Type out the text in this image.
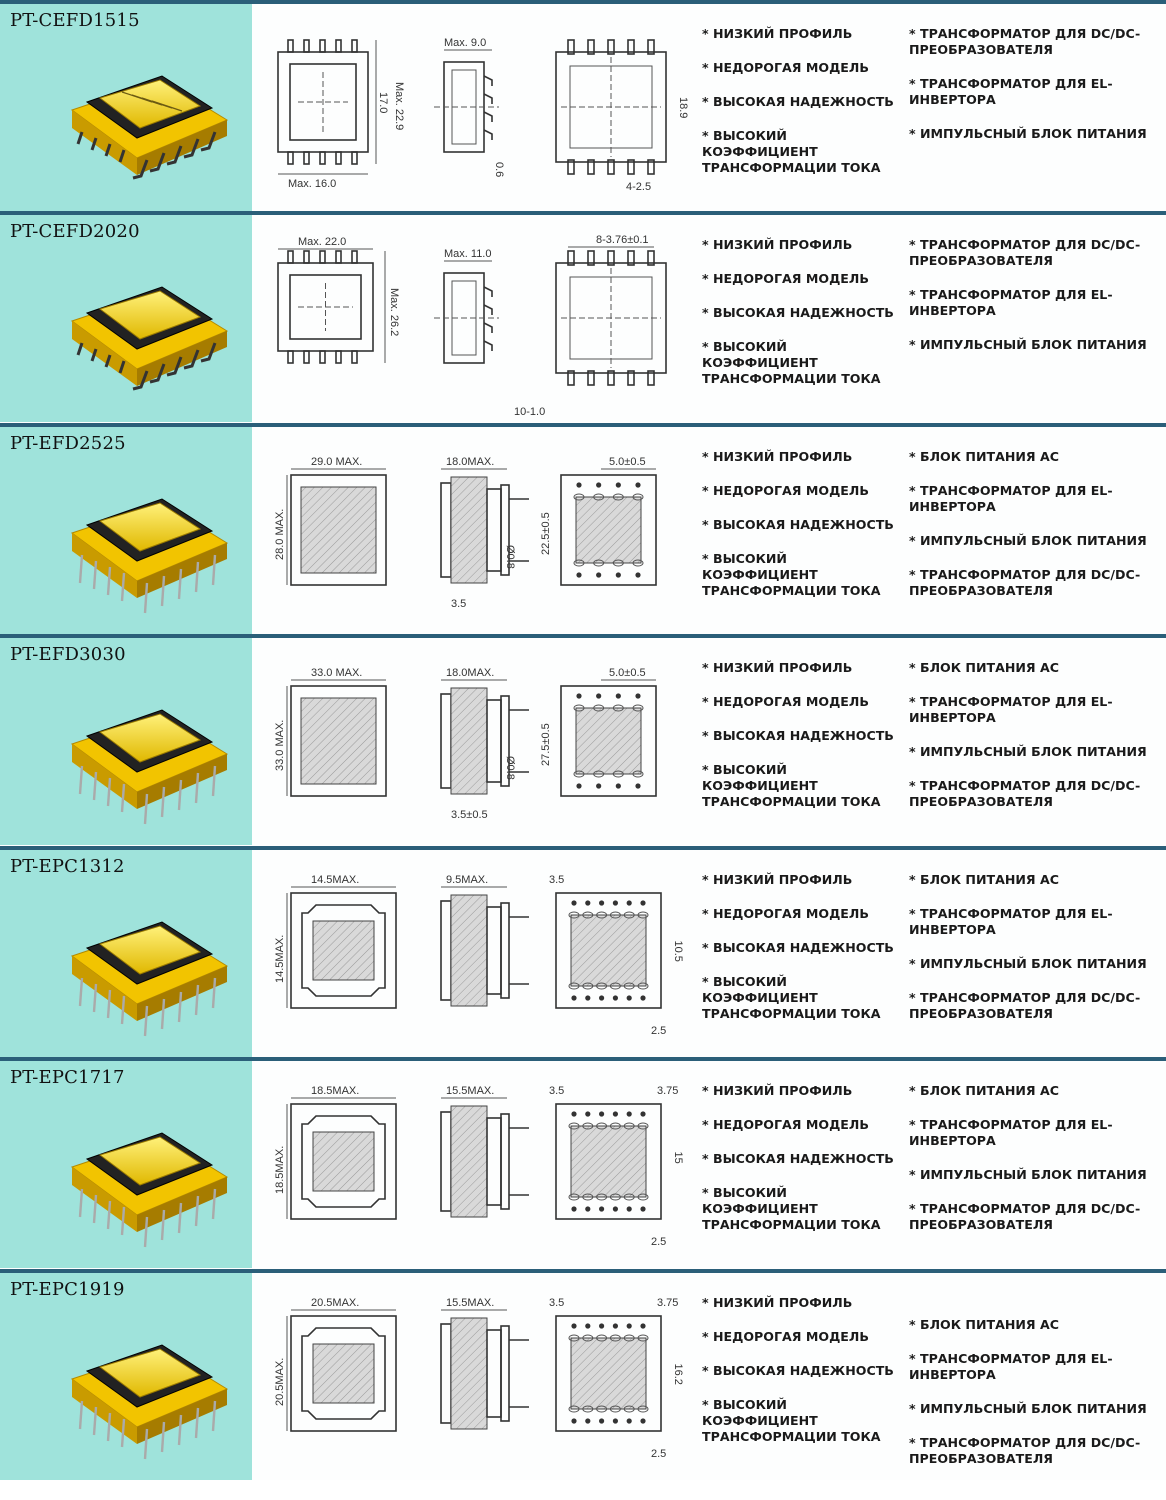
PT-CEFD1515
Max. 16.0
17.0 Max. 22.9
Max. 9.0
0.6
18.9
4-2.5
* НИЗКИЙ ПРОФИЛЬ
* НЕДОРОГАЯ МОДЕЛЬ
* ВЫСОКАЯ НАДЕЖНОСТЬ
* ВЫСОКИЙ КОЭФФИЦИЕНТ ТРАНСФОРМАЦИИ ТОКА
* ТРАНСФОРМАТОР ДЛЯ DC/DC-ПРЕОБРАЗОВАТЕЛЯ
* ТРАНСФОРМАТОР ДЛЯ EL-ИНВЕРТОРА
* ИМПУЛЬСНЫЙ БЛОК ПИТАНИЯ
PT-CEFD2020	Max. 22.0
Max. 26.2
Max. 11.0
10-1.0
8-3.76±0.1	* НИЗКИЙ ПРОФИЛЬ
* НЕДОРОГАЯ МОДЕЛЬ
* ВЫСОКАЯ НАДЕЖНОСТЬ
* ВЫСОКИЙ КОЭФФИЦИЕНТ ТРАНСФОРМАЦИИ ТОКА
* ТРАНСФОРМАТОР ДЛЯ DC/DC-ПРЕОБРАЗОВАТЕЛЯ
* ТРАНСФОРМАТОР ДЛЯ EL-ИНВЕРТОРА
* ИМПУЛЬСНЫЙ БЛОК ПИТАНИЯ
PT-EFD2525
29.0 MAX.
28.0 MAX.
18.0MAX.
Ø0.8
3.5
5.0±0.5
22.5±0.5
* НИЗКИЙ ПРОФИЛЬ
* НЕДОРОГАЯ МОДЕЛЬ
* ВЫСОКАЯ НАДЕЖНОСТЬ
* ВЫСОКИЙ КОЭФФИЦИЕНТ ТРАНСФОРМАЦИИ ТОКА
* БЛОК ПИТАНИЯ AC
* ТРАНСФОРМАТОР ДЛЯ EL-ИНВЕРТОРА
* ИМПУЛЬСНЫЙ БЛОК ПИТАНИЯ
* ТРАНСФОРМАТОР ДЛЯ DC/DC-ПРЕОБРАЗОВАТЕЛЯ
PT-EFD3030
33.0 MAX.
33.0 MAX.
18.0MAX.
Ø0.8
3.5±0.5
5.0±0.5
27.5±0.5
* НИЗКИЙ ПРОФИЛЬ
* НЕДОРОГАЯ МОДЕЛЬ
* ВЫСОКАЯ НАДЕЖНОСТЬ
* ВЫСОКИЙ КОЭФФИЦИЕНТ ТРАНСФОРМАЦИИ ТОКА
* БЛОК ПИТАНИЯ AC
* ТРАНСФОРМАТОР ДЛЯ EL-ИНВЕРТОРА
* ИМПУЛЬСНЫЙ БЛОК ПИТАНИЯ
* ТРАНСФОРМАТОР ДЛЯ DC/DC-ПРЕОБРАЗОВАТЕЛЯ
PT-EPC1312
14.5MAX.
14.5MAX.
9.5MAX.	3.5
10.5
2.5
* НИЗКИЙ ПРОФИЛЬ
* НЕДОРОГАЯ МОДЕЛЬ
* ВЫСОКАЯ НАДЕЖНОСТЬ
* ВЫСОКИЙ КОЭФФИЦИЕНТ ТРАНСФОРМАЦИИ ТОКА
* БЛОК ПИТАНИЯ AC
* ТРАНСФОРМАТОР ДЛЯ EL-ИНВЕРТОРА
* ИМПУЛЬСНЫЙ БЛОК ПИТАНИЯ
* ТРАНСФОРМАТОР ДЛЯ DC/DC-ПРЕОБРАЗОВАТЕЛЯ
PT-EPC1717
18.5MAX.
18.5MAX.
15.5MAX.	3.5
15
2.5
3.75	* НИЗКИЙ ПРОФИЛЬ
* НЕДОРОГАЯ МОДЕЛЬ
* ВЫСОКАЯ НАДЕЖНОСТЬ
* ВЫСОКИЙ КОЭФФИЦИЕНТ ТРАНСФОРМАЦИИ ТОКА
* БЛОК ПИТАНИЯ AC
* ТРАНСФОРМАТОР ДЛЯ EL-ИНВЕРТОРА
* ИМПУЛЬСНЫЙ БЛОК ПИТАНИЯ
* ТРАНСФОРМАТОР ДЛЯ DC/DC-ПРЕОБРАЗОВАТЕЛЯ
PT-EPC1919
20.5MAX.
20.5MAX.
15.5MAX.	3.5
16.2
2.5
3.75	* НИЗКИЙ ПРОФИЛЬ
* НЕДОРОГАЯ МОДЕЛЬ
* ВЫСОКАЯ НАДЕЖНОСТЬ
* ВЫСОКИЙ КОЭФФИЦИЕНТ ТРАНСФОРМАЦИИ ТОКА
* БЛОК ПИТАНИЯ AC
* ТРАНСФОРМАТОР ДЛЯ EL-ИНВЕРТОРА
* ИМПУЛЬСНЫЙ БЛОК ПИТАНИЯ
* ТРАНСФОРМАТОР ДЛЯ DC/DC-ПРЕОБРАЗОВАТЕЛЯ
